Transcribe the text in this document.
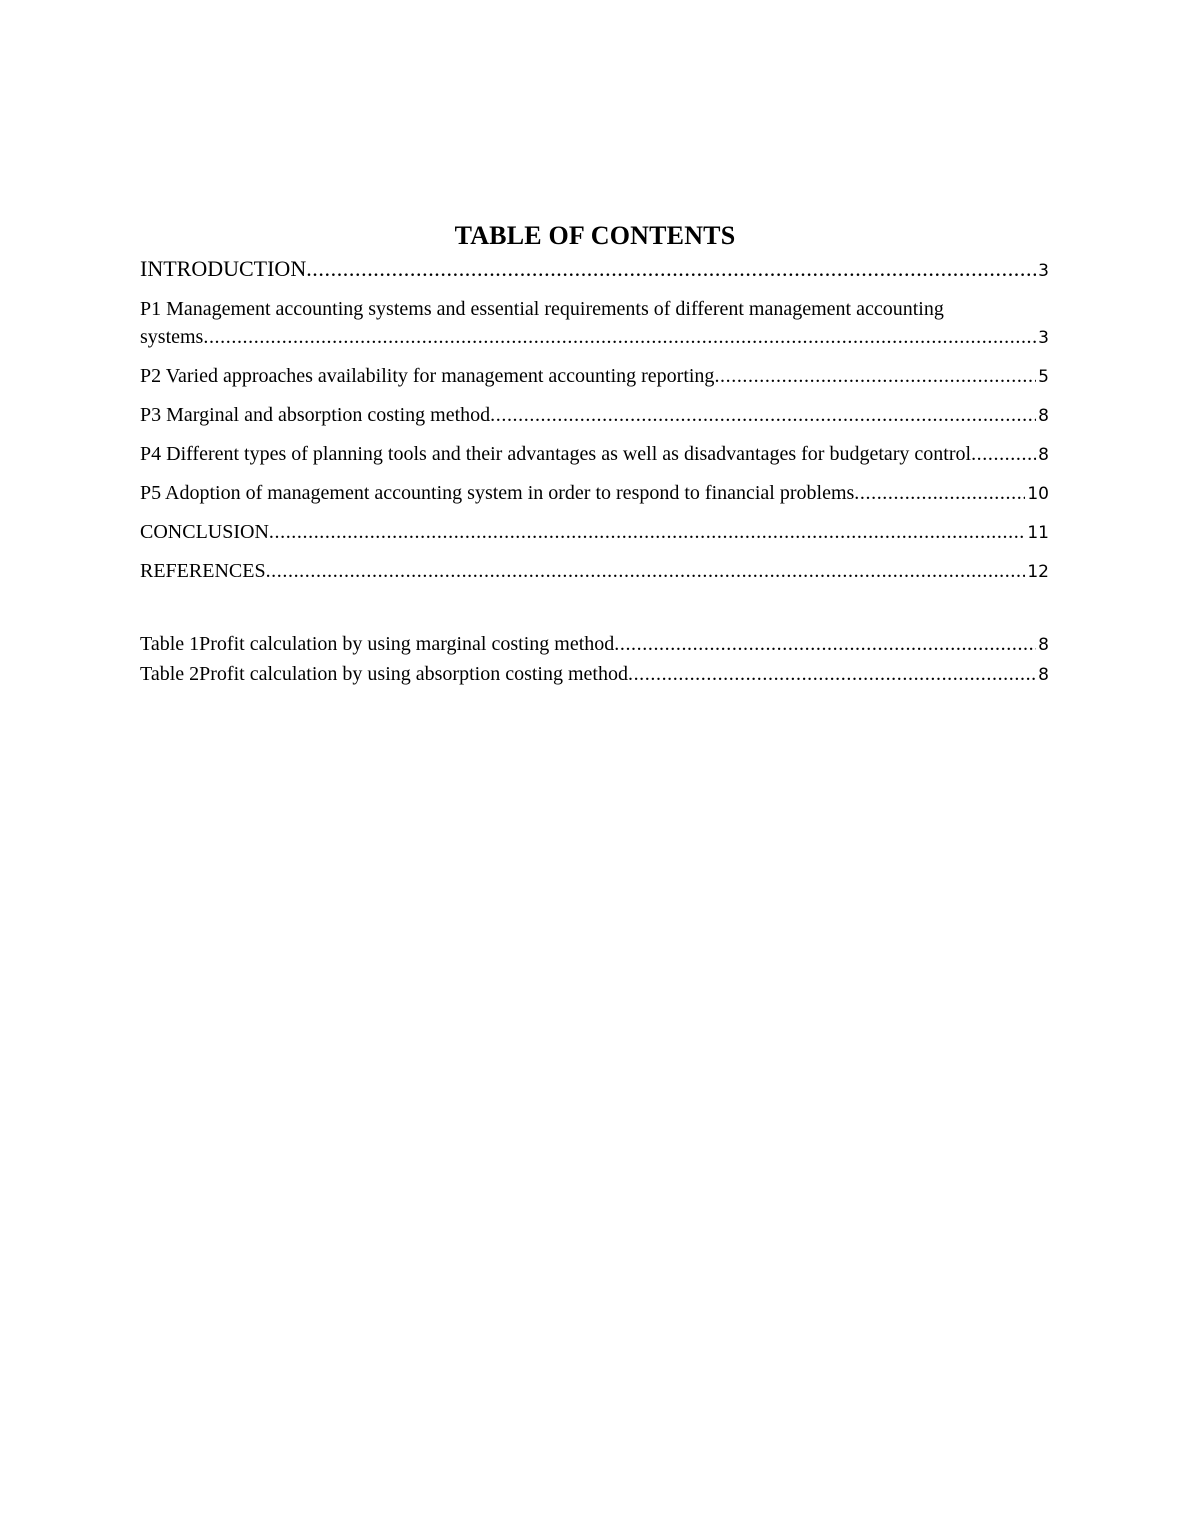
TABLE OF CONTENTS
INTRODUCTION .....	3
P1 Management accounting systems and essential requirements of different management accounting
systems .....	3
P2 Varied approaches availability for management accounting reporting .....	5
P3 Marginal and absorption costing method .....	8
P4 Different types of planning tools and their advantages as well as disadvantages for budgetary control .....	8
P5 Adoption of management accounting system in order to respond to financial problems .....	10
CONCLUSION .....	11
REFERENCES .....	12
Table 1Profit calculation by using marginal costing method .....	8
Table 2Profit calculation by using absorption costing method .....	8
